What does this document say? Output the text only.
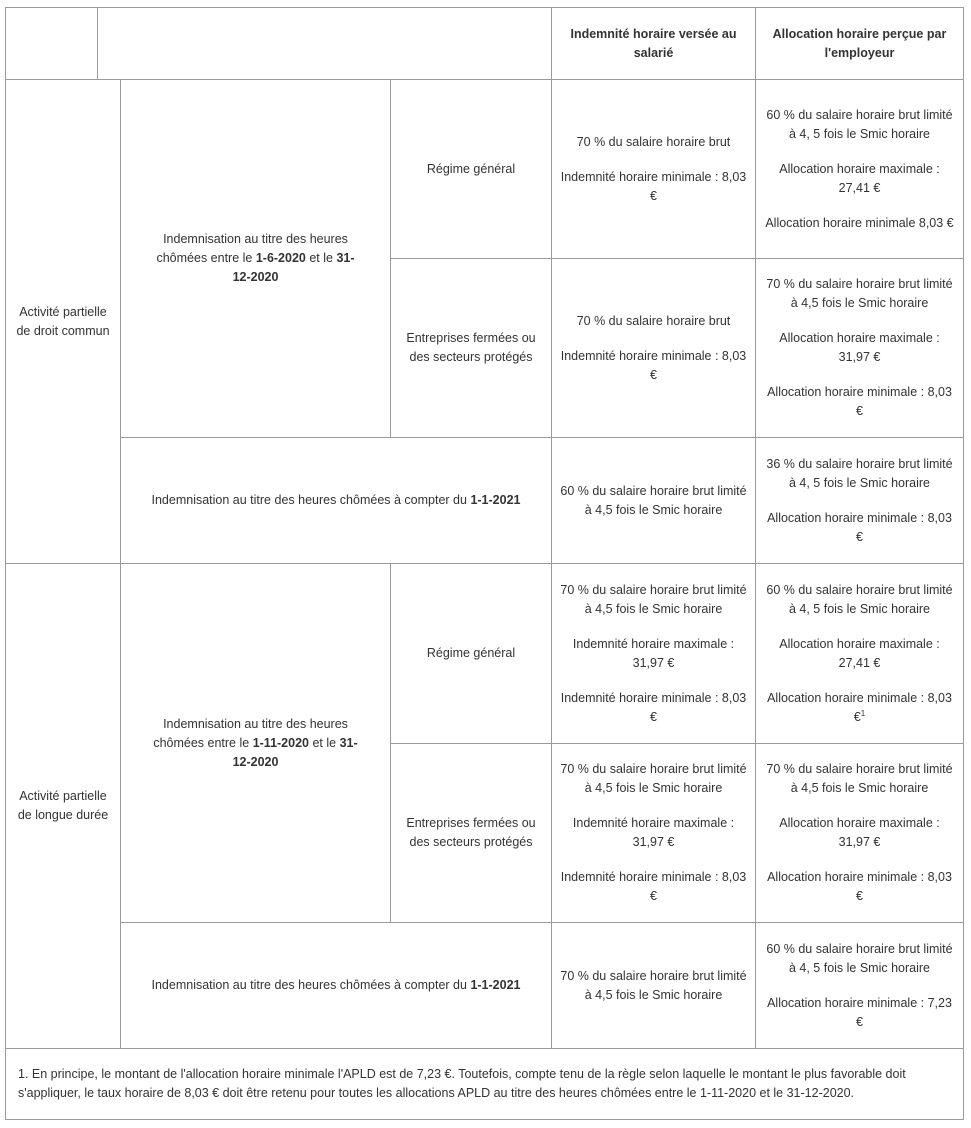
Indemnité horaire versée au salarié
Allocation horaire perçue par l'employeur
Activité partielle de droit commun
Indemnisation au titre des heures chômées entre le 1-6-2020 et le 31-12-2020
Régime général

70 % du salaire horaire brut

Indemnité horaire minimale : 8,03 €

60 % du salaire horaire brut limité à 4, 5 fois le Smic horaire

Allocation horaire maximale : 27,41 €

Allocation horaire minimale 8,03 €

Entreprises fermées ou des secteurs protégés

70 % du salaire horaire brut

Indemnité horaire minimale : 8,03 €

70 % du salaire horaire brut limité à 4,5 fois le Smic horaire

Allocation horaire maximale : 31,97 €

Allocation horaire minimale : 8,03 €

Indemnisation au titre des heures chômées à compter du 1-1-2021

60 % du salaire horaire brut limité à 4,5 fois le Smic horaire

36 % du salaire horaire brut limité à 4, 5 fois le Smic horaire

Allocation horaire minimale : 8,03 €

Activité partielle de longue durée
Indemnisation au titre des heures chômées entre le 1-11-2020 et le 31-12-2020
Régime général

70 % du salaire horaire brut limité à 4,5 fois le Smic horaire

Indemnité horaire maximale : 31,97 €

Indemnité horaire minimale : 8,03 €

60 % du salaire horaire brut limité à 4, 5 fois le Smic horaire

Allocation horaire maximale : 27,41 €

Allocation horaire minimale : 8,03 €$^1$

Entreprises fermées ou des secteurs protégés

70 % du salaire horaire brut limité à 4,5 fois le Smic horaire

Indemnité horaire maximale : 31,97 €

Indemnité horaire minimale : 8,03 €

70 % du salaire horaire brut limité à 4,5 fois le Smic horaire

Allocation horaire maximale : 31,97 €

Allocation horaire minimale : 8,03 €

Indemnisation au titre des heures chômées à compter du 1-1-2021

70 % du salaire horaire brut limité à 4,5 fois le Smic horaire

60 % du salaire horaire brut limité à 4, 5 fois le Smic horaire

Allocation horaire minimale : 7,23 €

1. En principe, le montant de l'allocation horaire minimale l'APLD est de 7,23 €. Toutefois, compte tenu de la règle selon laquelle le montant le plus favorable doit s'appliquer, le taux horaire de 8,03 € doit être retenu pour toutes les allocations APLD au titre des heures chômées entre le 1-11-2020 et le 31-12-2020.
